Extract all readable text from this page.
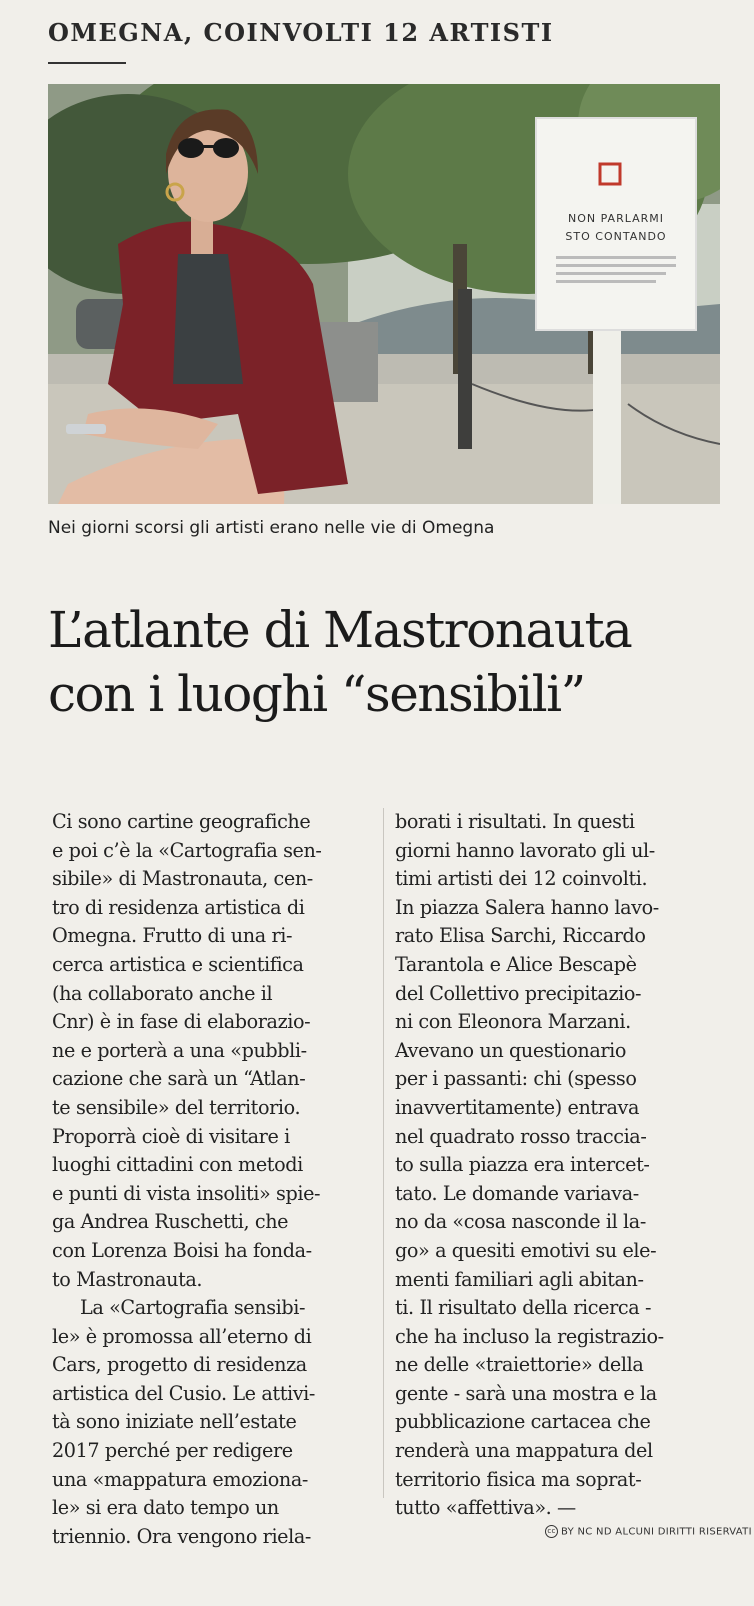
OMEGNA, COINVOLTI 12 ARTISTI
NON PARLARMI
STO CONTANDO
Nei giorni scorsi gli artisti erano nelle vie di Omegna
L’atlante di Mastronauta
con i luoghi “sensibili”
Ci sono cartine geografiche
e poi c’è la «Cartografia sen-
sibile» di Mastronauta, cen-
tro di residenza artistica di
Omegna. Frutto di una ri-
cerca artistica e scientifica
(ha collaborato anche il
Cnr) è in fase di elaborazio-
ne e porterà a una «pubbli-
cazione che sarà un “Atlan-
te sensibile» del territorio.
Proporrà cioè di visitare i
luoghi cittadini con metodi
e punti di vista insoliti» spie-
ga Andrea Ruschetti, che
con Lorenza Boisi ha fonda-
to Mastronauta.
La «Cartografia sensibi-
le» è promossa all’eterno di
Cars, progetto di residenza
artistica del Cusio. Le attivi-
tà sono iniziate nell’estate
2017 perché per redigere
una «mappatura emoziona-
le» si era dato tempo un
triennio. Ora vengono riela-
borati i risultati. In questi
giorni hanno lavorato gli ul-
timi artisti dei 12 coinvolti.
In piazza Salera hanno lavo-
rato Elisa Sarchi, Riccardo
Tarantola e Alice Bescapè
del Collettivo precipitazio-
ni con Eleonora Marzani.
Avevano un questionario
per i passanti: chi (spesso
inavvertitamente) entrava
nel quadrato rosso traccia-
to sulla piazza era intercet-
tato. Le domande variava-
no da «cosa nasconde il la-
go» a quesiti emotivi su ele-
menti familiari agli abitan-
ti. Il risultato della ricerca -
che ha incluso la registrazio-
ne delle «traiettorie» della
gente - sarà una mostra e la
pubblicazione cartacea che
renderà una mappatura del
territorio fisica ma soprat-
tutto «affettiva». —
cc BY NC ND ALCUNI DIRITTI RISERVATI
